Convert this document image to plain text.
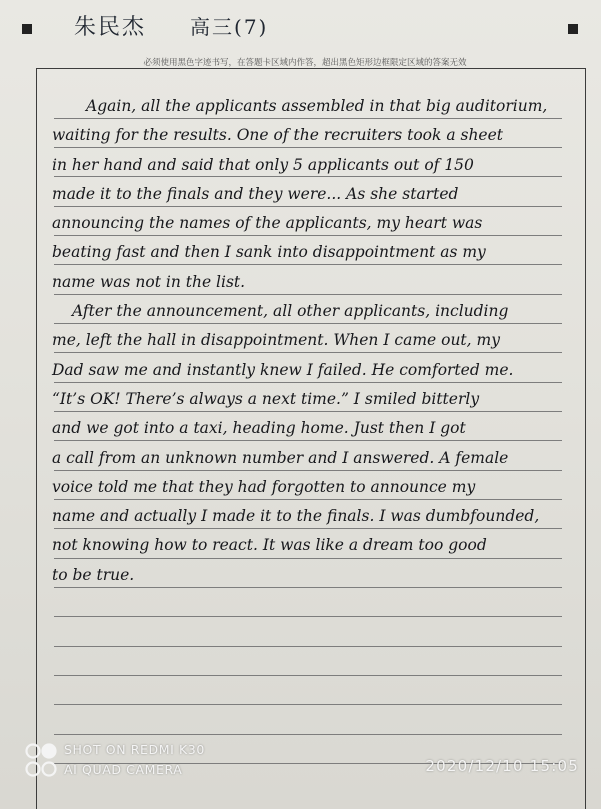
朱民杰 高三(7)
必须使用黑色字迹书写，在答题卡区域内作答，超出黑色矩形边框限定区域的答案无效
Again, all the applicants assembled in that big auditorium,
waiting for the results. One of the recruiters took a sheet
in her hand and said that only 5 applicants out of 150
made it to the finals and they were... As she started
announcing the names of the applicants, my heart was
beating fast and then I sank into disappointment as my
name was not in the list.
After the announcement, all other applicants, including
me, left the hall in disappointment. When I came out, my
Dad saw me and instantly knew I failed. He comforted me.
“It’s OK! There’s always a next time.” I smiled bitterly
and we got into a taxi, heading home. Just then I got
a call from an unknown number and I answered. A female
voice told me that they had forgotten to announce my
name and actually I made it to the finals. I was dumbfounded,
not knowing how to react. It was like a dream too good
to be true.
SHOT ON REDMI K30
AI QUAD CAMERA	2020/12/10 15:05
